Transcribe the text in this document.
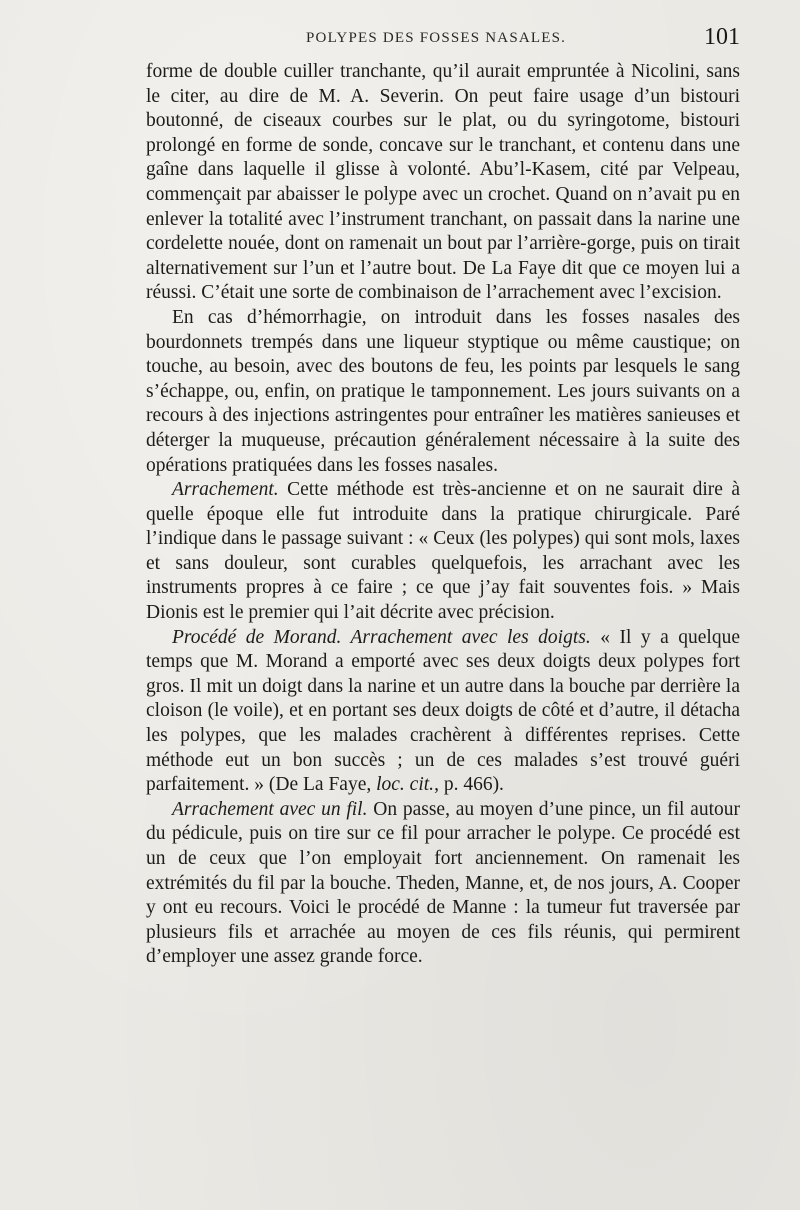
POLYPES DES FOSSES NASALES.	101

forme de double cuiller tranchante, qu’il aurait empruntée à Nicolini, sans le citer, au dire de M. A. Severin. On peut faire usage d’un bistouri boutonné, de ciseaux courbes sur le plat, ou du syringotome, bistouri prolongé en forme de sonde, concave sur le tranchant, et contenu dans une gaîne dans laquelle il glisse à volonté. Abu’l-Kasem, cité par Velpeau, commençait par abaisser le polype avec un crochet. Quand on n’avait pu en enlever la totalité avec l’instrument tranchant, on passait dans la narine une cordelette nouée, dont on ramenait un bout par l’arrière-gorge, puis on tirait alternativement sur l’un et l’autre bout. De La Faye dit que ce moyen lui a réussi. C’était une sorte de combinaison de l’arrachement avec l’excision.

En cas d’hémorrhagie, on introduit dans les fosses nasales des bourdonnets trempés dans une liqueur styptique ou même caustique; on touche, au besoin, avec des boutons de feu, les points par lesquels le sang s’échappe, ou, enfin, on pratique le tamponnement. Les jours suivants on a recours à des injections astringentes pour entraîner les matières sanieuses et déterger la muqueuse, précaution généralement nécessaire à la suite des opérations pratiquées dans les fosses nasales.

Arrachement. Cette méthode est très-ancienne et on ne saurait dire à quelle époque elle fut introduite dans la pratique chirurgicale. Paré l’indique dans le passage suivant : « Ceux (les polypes) qui sont mols, laxes et sans douleur, sont curables quelquefois, les arrachant avec les instruments propres à ce faire ; ce que j’ay fait souventes fois. » Mais Dionis est le premier qui l’ait décrite avec précision.

Procédé de Morand. Arrachement avec les doigts. « Il y a quelque temps que M. Morand a emporté avec ses deux doigts deux polypes fort gros. Il mit un doigt dans la narine et un autre dans la bouche par derrière la cloison (le voile), et en portant ses deux doigts de côté et d’autre, il détacha les polypes, que les malades crachèrent à différentes reprises. Cette méthode eut un bon succès ; un de ces malades s’est trouvé guéri parfaitement. » (De La Faye, loc. cit., p. 466).

Arrachement avec un fil. On passe, au moyen d’une pince, un fil autour du pédicule, puis on tire sur ce fil pour arracher le polype. Ce procédé est un de ceux que l’on employait fort anciennement. On ramenait les extrémités du fil par la bouche. Theden, Manne, et, de nos jours, A. Cooper y ont eu recours. Voici le procédé de Manne : la tumeur fut traversée par plusieurs fils et arrachée au moyen de ces fils réunis, qui permirent d’employer une assez grande force.
